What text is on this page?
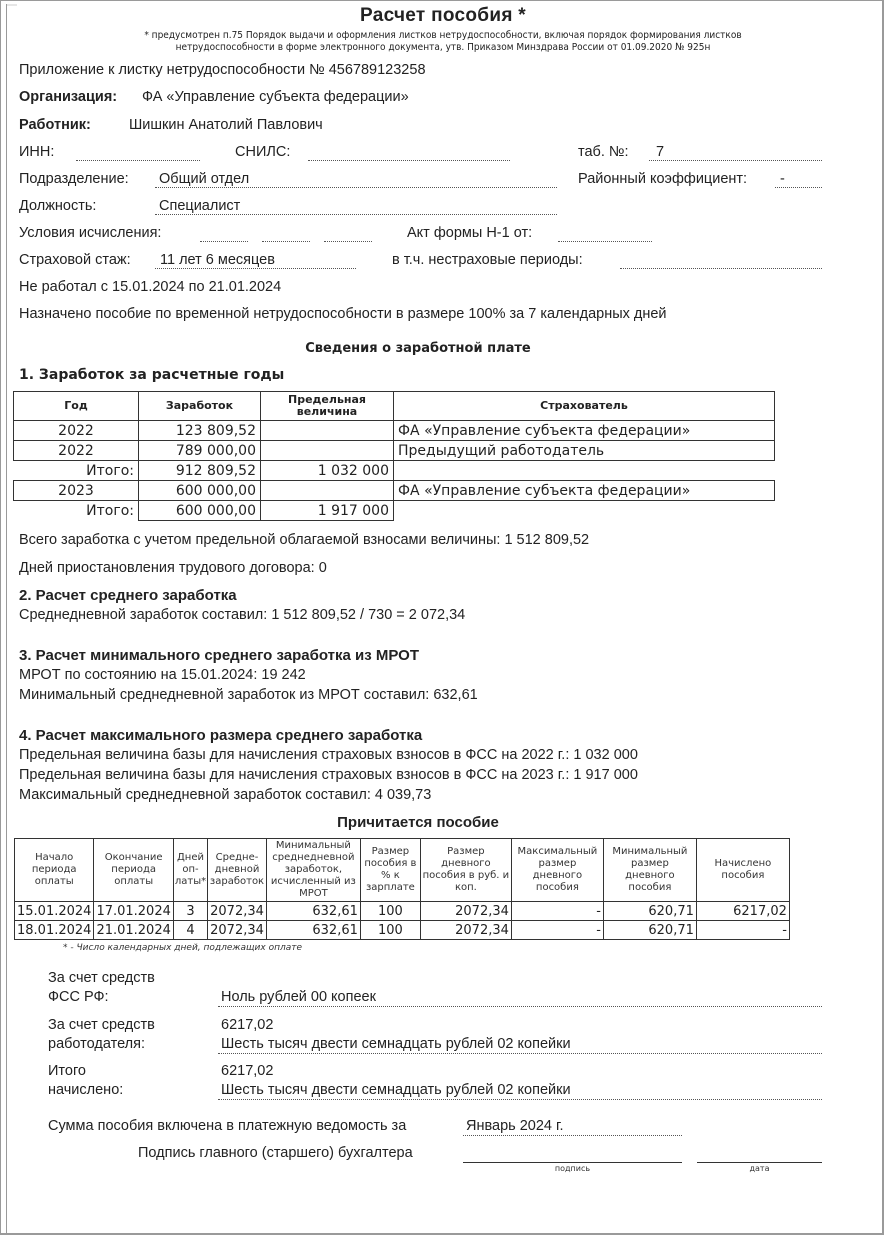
Расчет пособия *
* предусмотрен п.75 Порядок выдачи и оформления листков нетрудоспособности, включая порядок формирования листков
нетрудоспособности в форме электронного документа, утв. Приказом Минздрава России от 01.09.2020 № 925н
Приложение к листку нетрудоспособности № 456789123258
Организация: ФА «Управление субъекта федерации»
Работник:	Шишкин Анатолий Павлович
ИНН:	СНИЛС:	таб. №: 7
Подразделение: Общий отдел	Районный коэффициент: -
Должность:	Специалист
Условия исчисления:	Акт формы Н-1 от:
Страховой стаж: 11 лет 6 месяцев	в т.ч. нестраховые периоды:
Не работал с 15.01.2024 по 21.01.2024
Назначено пособие по временной нетрудоспособности в размере 100% за 7 календарных дней
Сведения о заработной плате
1. Заработок за расчетные годы
Год	Заработок	Предельная величина	Страхователь
2022	123 809,52		ФА «Управление субъекта федерации»
2022	789 000,00		Предыдущий работодатель
Итого:	912 809,52	1 032 000	
2023	600 000,00		ФА «Управление субъекта федерации»
Итого:	600 000,00	1 917 000	
Всего заработка с учетом предельной облагаемой взносами величины: 1 512 809,52
Дней приостановления трудового договора: 0
2. Расчет среднего заработка
Среднедневной заработок составил: 1 512 809,52 / 730 = 2 072,34
3. Расчет минимального среднего заработка из МРОТ
МРОТ по состоянию на 15.01.2024: 19 242
Минимальный среднедневной заработок из МРОТ составил: 632,61
4. Расчет максимального размера среднего заработка
Предельная величина базы для начисления страховых взносов в ФСС на 2022 г.: 1 032 000
Предельная величина базы для начисления страховых взносов в ФСС на 2023 г.: 1 917 000
Максимальный среднедневной заработок составил: 4 039,73
Причитается пособие
Начало периода оплаты	Окончание периода оплаты	Дней оп- латы*	Средне- дневной заработок	Минимальный среднедневной заработок, исчисленный из МРОТ	Размер пособия в % к зарплате	Размер дневного пособия в руб. и коп.	Максимальный размер дневного пособия	Минимальный размер дневного пособия	Начислено пособия
15.01.2024	17.01.2024	3	2072,34	632,61	100	2072,34	-	620,71	6217,02
18.01.2024	21.01.2024	4	2072,34	632,61	100	2072,34	-	620,71	-
* - Число календарных дней, подлежащих оплате
За счет средств
ФСС РФ:	Ноль рублей 00 копеек
За счет средств
работодателя:
6217,02
Шесть тысяч двести семнадцать рублей 02 копейки
Итого
начислено:
6217,02
Шесть тысяч двести семнадцать рублей 02 копейки
Сумма пособия включена в платежную ведомость за	Январь 2024 г.
Подпись главного (старшего) бухгалтера
подпись	дата
